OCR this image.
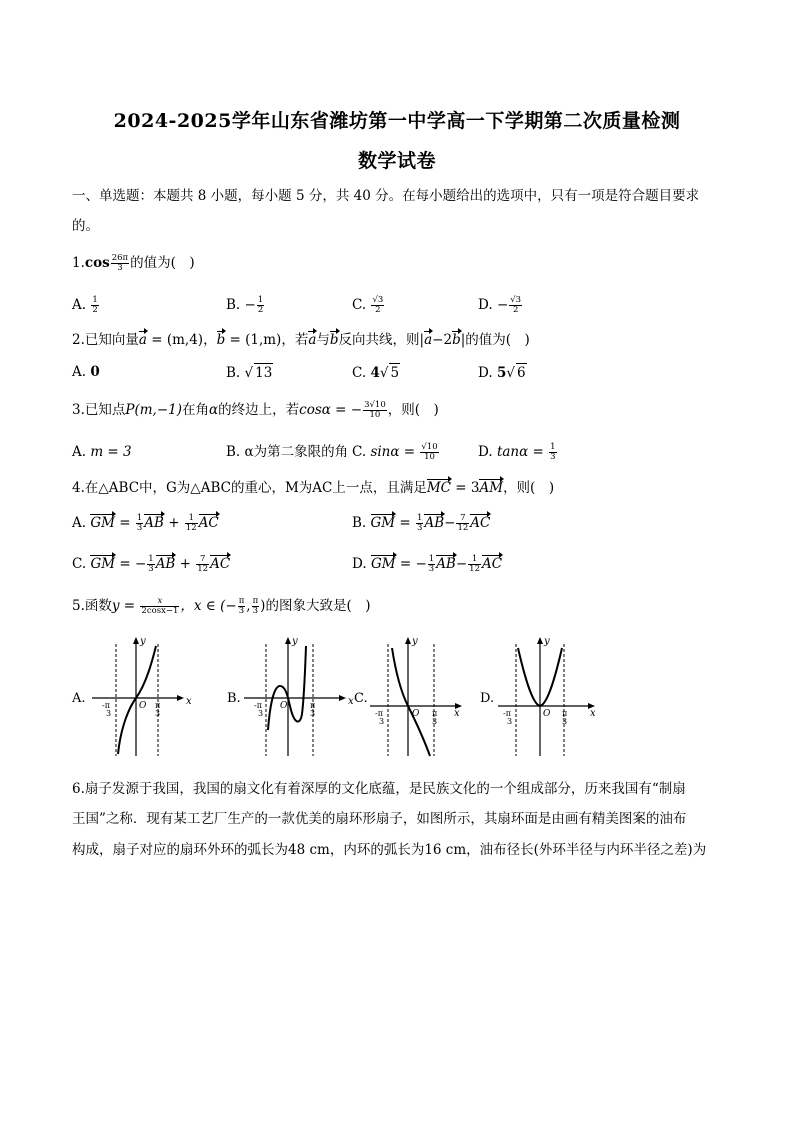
2024-2025学年山东省潍坊第一中学高一下学期第二次质量检测
数学试卷
一、单选题：本题共 8 小题，每小题 5 分，共 40 分。在每小题给出的选项中，只有一项是符合题目要求
的。
$1.\cos \frac{26\pi}{3}$ 的值为(　)
A. $\frac{1}{2}$	B. − $\frac{1}{2}$	C. $\frac{√3}{2}$	D. − $\frac{√3}{2}$
2.已知向量a = (m,4)，b = (1,m)，若a与b反向共线，则|a−2b|的值为(　)
A. 0	B. √ 13	C. 4√ 5	D. 5√ 6
3.已知点P(m,−1)在角α的终边上，若cosα = − $\frac{3√10}{10}$ ，则(　)
A. m = 3	B. α为第二象限的角 C. $\sin\alpha = \frac{√10}{10}$	D. $\tan\alpha = \frac{1}{3}$
4.在△ABC中，G为△ABC的重心，M为AC上一点，且满足MC = 3AM，则(　)
A. GM = $\frac{1}{3}$ AB + $\frac{1}{12}$ AC	B. GM = $\frac{1}{3} AB- \frac{7}{12}$ AC
C. GM = − $\frac{1}{3}$ AB + $\frac{7}{12}$ AC	D. GM = − $\frac{1}{3} AB- \frac{1}{12}$ AC
5.函数$y = \frac{x}{2\cos x-1}$ ，x ∈ (− $\frac{\pi}{3}$ , $\frac{\pi}{3}$ )的图象大致是(　)
A.	B.	C.	D.
x
y
O
-π
3
π
3
x
y
O
-π
3
π
3	x
y
O
-π
3
π
3
x
y
O
-π
3
π
3
6.扇子发源于我国，我国的扇文化有着深厚的文化底蕴，是民族文化的一个组成部分，历来我国有“制扇
王国”之称．现有某工艺厂生产的一款优美的扇环形扇子，如图所示，其扇环面是由画有精美图案的油布
构成，扇子对应的扇环外环的弧长为48 cm，内环的弧长为16 cm，油布径长(外环半径与内环半径之差)为
